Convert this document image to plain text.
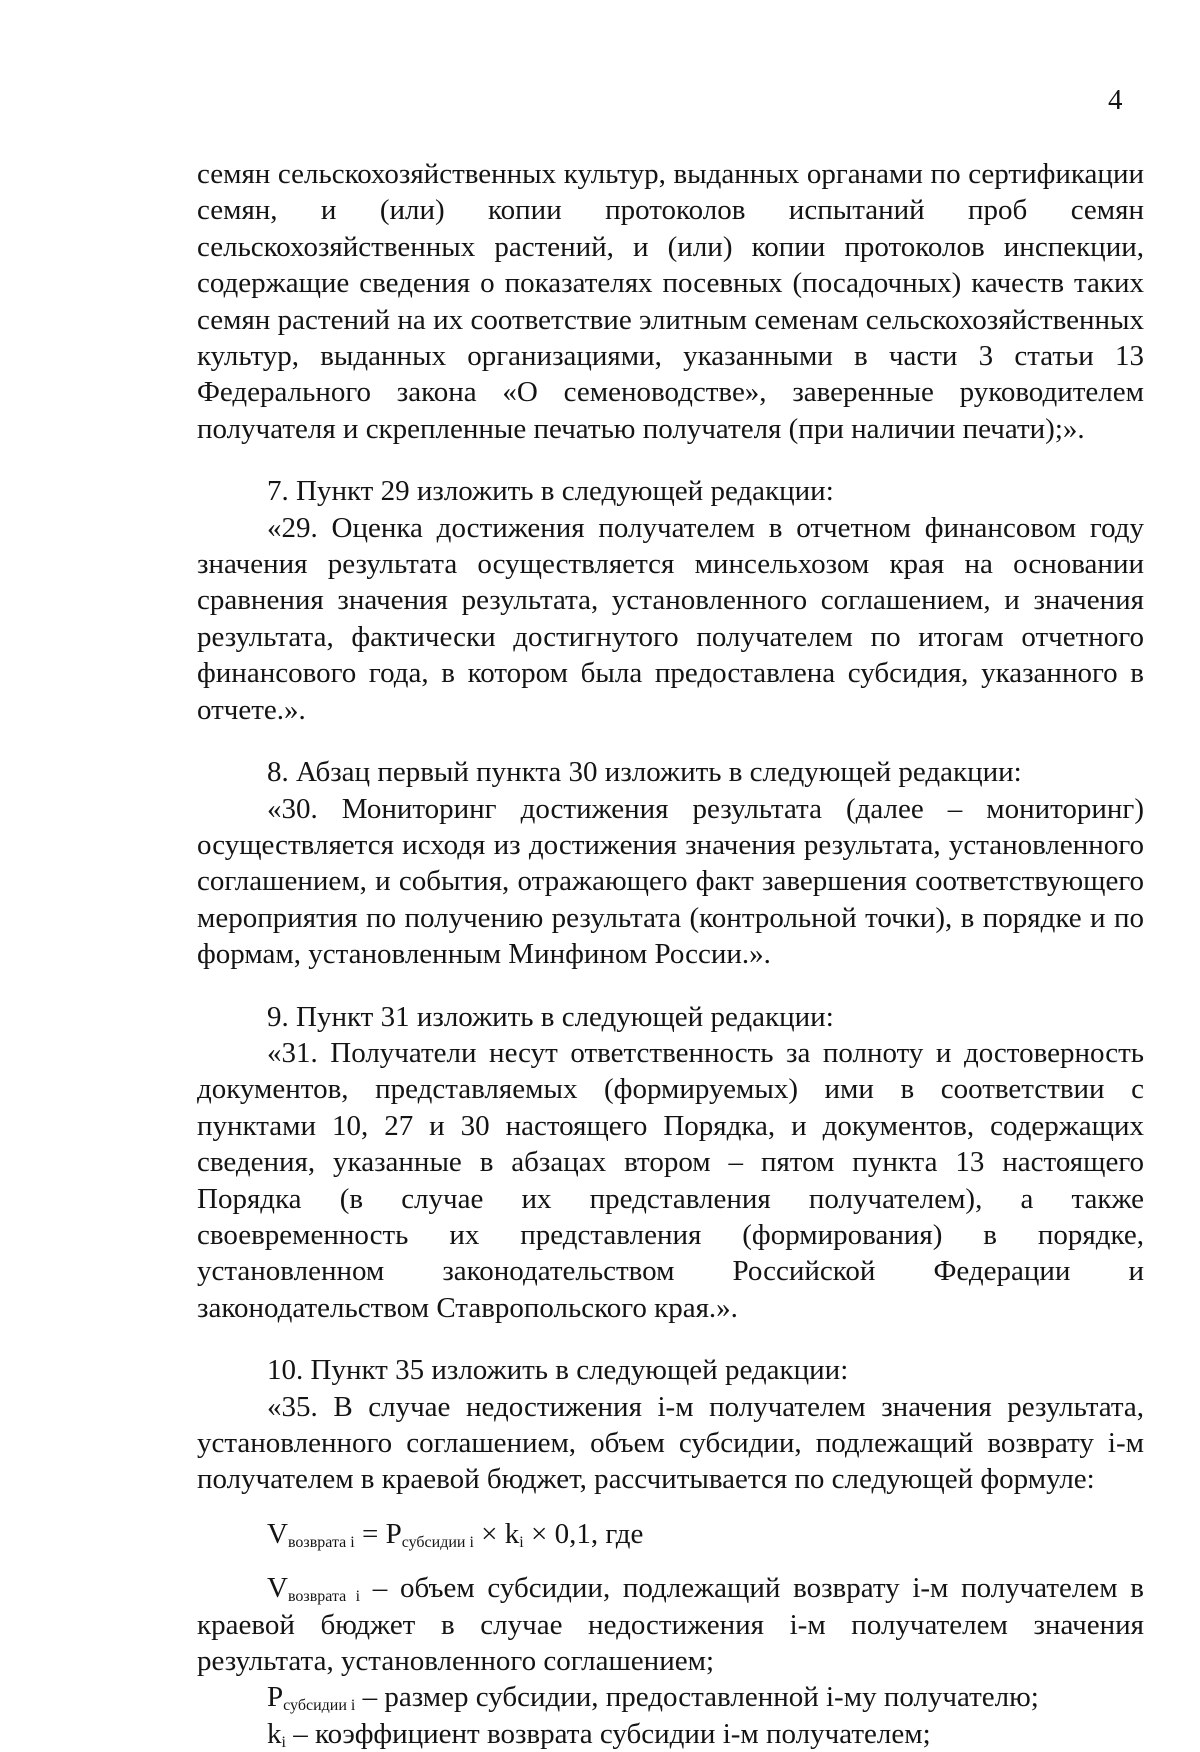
4

семян сельскохозяйственных культур, выданных органами по сертификации семян, и (или) копии протоколов испытаний проб семян сельскохозяйственных растений, и (или) копии протоколов инспекции, содержащие сведения о показателях посевных (посадочных) качеств таких семян растений на их соответствие элитным семенам сельскохозяйственных культур, выданных организациями, указанными в части 3 статьи 13 Федерального закона «О семеноводстве», заверенные руководителем получателя и скрепленные печатью получателя (при наличии печати);».

7. Пункт 29 изложить в следующей редакции:

«29. Оценка достижения получателем в отчетном финансовом году значения результата осуществляется минсельхозом края на основании сравнения значения результата, установленного соглашением, и значения результата, фактически достигнутого получателем по итогам отчетного финансового года, в котором была предоставлена субсидия, указанного в отчете.».

8. Абзац первый пункта 30 изложить в следующей редакции:

«30. Мониторинг достижения результата (далее – мониторинг) осуществляется исходя из достижения значения результата, установленного соглашением, и события, отражающего факт завершения соответствующего мероприятия по получению результата (контрольной точки), в порядке и по формам, установленным Минфином России.».

9. Пункт 31 изложить в следующей редакции:

«31. Получатели несут ответственность за полноту и достоверность документов, представляемых (формируемых) ими в соответствии с пунктами 10, 27 и 30 настоящего Порядка, и документов, содержащих сведения, указанные в абзацах втором – пятом пункта 13 настоящего Порядка (в случае их представления получателем), а также своевременность их представления (формирования) в порядке, установленном законодательством Российской Федерации и законодательством Ставропольского края.».

10. Пункт 35 изложить в следующей редакции:

«35. В случае недостижения i-м получателем значения результата, установленного соглашением, объем субсидии, подлежащий возврату i-м получателем в краевой бюджет, рассчитывается по следующей формуле:

$V_{возврата i} = P_{субсидии i} \times k_i \times 0,1$, где

$V_{возврата i}$ – объем субсидии, подлежащий возврату i-м получателем в краевой бюджет в случае недостижения i-м получателем значения результата, установленного соглашением;

$P_{субсидии i}$ – размер субсидии, предоставленной i-му получателю;

$k_i$ – коэффициент возврата субсидии i-м получателем;
